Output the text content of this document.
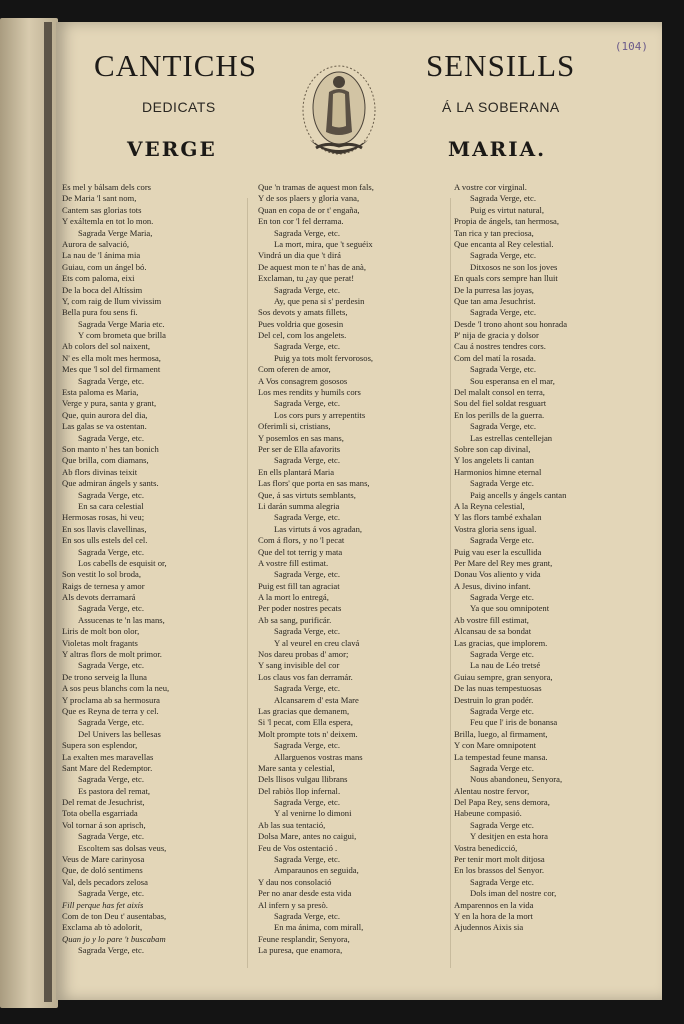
(104)
CANTICHS	SENSILLS
DEDICATS	Á LA SOBERANA
VERGE	MARIA.
Es mel y bálsam dels cors
De Maria 'l sant nom,
Cantem sas glorias tots
Y exáltemla en tot lo mon.
Sagrada Verge Maria,
Aurora de salvació,
La nau de 'l ánima mia
Guiau, com un ángel bó.
Ets com paloma, eixi
De la boca del Altíssim
Y, com raig de llum vivissim
Bella pura fou sens fi.
Sagrada Verge Maria etc.
Y com brometa que brilla
Ab colors del sol naixent,
N' es ella molt mes hermosa,
Mes que 'l sol del firmament
Sagrada Verge, etc.
Esta paloma es Maria,
Verge y pura, santa y grant,
Que, quin aurora del dia,
Las galas se va ostentan.
Sagrada Verge, etc.
Son manto n' hes tan bonich
Que brilla, com diamans,
Ab flors divinas teixit
Que admiran ángels y sants.
Sagrada Verge, etc.
En sa cara celestial
Hermosas rosas, hi veu;
En sos llavis clavellinas,
En sos ulls estels del cel.
Sagrada Verge, etc.
Los cabells de esquisit or,
Son vestit lo sol broda,
Raigs de ternesa y amor
Als devots derramará
Sagrada Verge, etc.
Assucenas te 'n las mans,
Liris de molt bon olor,
Violetas molt fragants
Y altras flors de molt primor.
Sagrada Verge, etc.
De trono serveig la lluna
A sos peus blanchs com la neu,
Y proclama ab sa hermosura
Que es Reyna de terra y cel.
Sagrada Verge, etc.
Del Univers las bellesas
Supera son esplendor,
La exalten mes maravellas
Sant Mare del Redemptor.
Sagrada Verge, etc.
Es pastora del remat,
Del remat de Jesuchrist,
Tota obella esgarriada
Vol tornar á son aprisch,
Sagrada Verge, etc.
Escoltem sas dolsas veus,
Veus de Mare carinyosa
Que, de doló sentimens
Val, dels pecadors zelosa
Sagrada Verge, etc.
Fill perque has fet aixís
Com de ton Deu t' ausentabas,
Exclama ab tò adolorit,
Quan jo y lo pare 't buscabam
Sagrada Verge, etc.
Que 'n tramas de aquest mon fals,
Y de sos plaers y gloria vana,
Quan en copa de or t' engaña,
En ton cor 'l fel derrama.
Sagrada Verge, etc.
La mort, mira, que 't seguéix
Vindrá un dia que 't dirá
De aquest mon te n' has de anà,
Exclaman, tu ¿ay que perat!
Sagrada Verge, etc.
Ay, que pena si s' perdesin
Sos devots y amats fillets,
Pues voldria que gosesin
Del cel, com los angelets.
Sagrada Verge, etc.
Puig ya tots molt fervorosos,
Com oferen de amor,
A Vos consagrem gososos
Los mes rendits y humils cors
Sagrada Verge, etc.
Los cors purs y arrepentits
Oferimli si, cristians,
Y posemlos en sas mans,
Per ser de Ella afavorits
Sagrada Verge, etc.
En ells plantará Maria
Las flors' que porta en sas mans,
Que, á sas virtuts semblants,
Li darán summa alegria
Sagrada Verge, etc.
Las virtuts á vos agradan,
Com á flors, y no 'l pecat
Que del tot terrig y mata
A vostre fill estimat.
Sagrada Verge, etc.
Puig est fill tan agraciat
A la mort lo entregá,
Per poder nostres pecats
Ab sa sang, purificár.
Sagrada Verge, etc.
Y al veurel en creu clavá
Nos dareu probas d' amor;
Y sang invisible del cor
Los claus vos fan derramár.
Sagrada Verge, etc.
Alcansarem d' esta Mare
Las gracias que demanem,
Si 'l pecat, com Ella espera,
Molt prompte tots n' deixem.
Sagrada Verge, etc.
Allarguenos vostras mans
Mare santa y celestial,
Dels llisos vulgau llibrans
Del rabiòs llop infernal.
Sagrada Verge, etc.
Y al venirne lo dimoni
Ab las sua tentació,
Dolsa Mare, antes no caigui,
Feu de Vos ostentació .
Sagrada Verge, etc.
Amparaunos en seguida,
Y dau nos consolació
Per no anar desde esta vida
Al infern y sa presò.
Sagrada Verge, etc.
En ma ánima, com mirall,
Feune resplandir, Senyora,
La puresa, que enamora,
A vostre cor virginal.
Sagrada Verge, etc.
Puig es virtut natural,
Propia de ángels, tan hermosa,
Tan rica y tan preciosa,
Que encanta al Rey celestial.
Sagrada Verge, etc.
Ditxosos ne son los joves
En quals cors sempre han lluit
De la purresa las joyas,
Que tan ama Jesuchrist.
Sagrada Verge, etc.
Desde 'l trono ahont sou honrada
P' nija de gracia y dolsor
Cau á nostres tendres cors.
Com del matí la rosada.
Sagrada Verge, etc.
Sou esperansa en el mar,
Del malalt consol en terra,
Sou del fiel soldat resguart
En los perills de la guerra.
Sagrada Verge, etc.
Las estrellas centellejan
Sobre son cap divinal,
Y los angelets li cantan
Harmonios himne eternal
Sagrada Verge etc.
Paig ancells y ángels cantan
A la Reyna celestial,
Y las flors també exhalan
Vostra gloria sens igual.
Sagrada Verge etc.
Puig vau eser la escullida
Per Mare del Rey mes grant,
Donau Vos aliento y vida
A Jesus, divino infant.
Sagrada Verge etc.
Ya que sou omnipotent
Ab vostre fill estimat,
Alcansau de sa bondat
Las gracias, que implorem.
Sagrada Verge etc.
La nau de Léo tretsé
Guiau sempre, gran senyora,
De las nuas tempestuosas
Destruin lo gran podér.
Sagrada Verge etc.
Feu que l' iris de bonansa
Brilla, luego, al firmament,
Y con Mare omnipotent
La tempestad feune mansa.
Sagrada Verge etc.
Nous abandoneu, Senyora,
Alentau nostre fervor,
Del Papa Rey, sens demora,
Habeune compasió.
Sagrada Verge etc.
Y desitjen en esta hora
Vostra benedicció,
Per tenir mort molt ditjosa
En los brassos del Senyor.
Sagrada Verge etc.
Dols iman del nostre cor,
Amparennos en la vida
Y en la hora de la mort
Ajudennos Aixis sia
